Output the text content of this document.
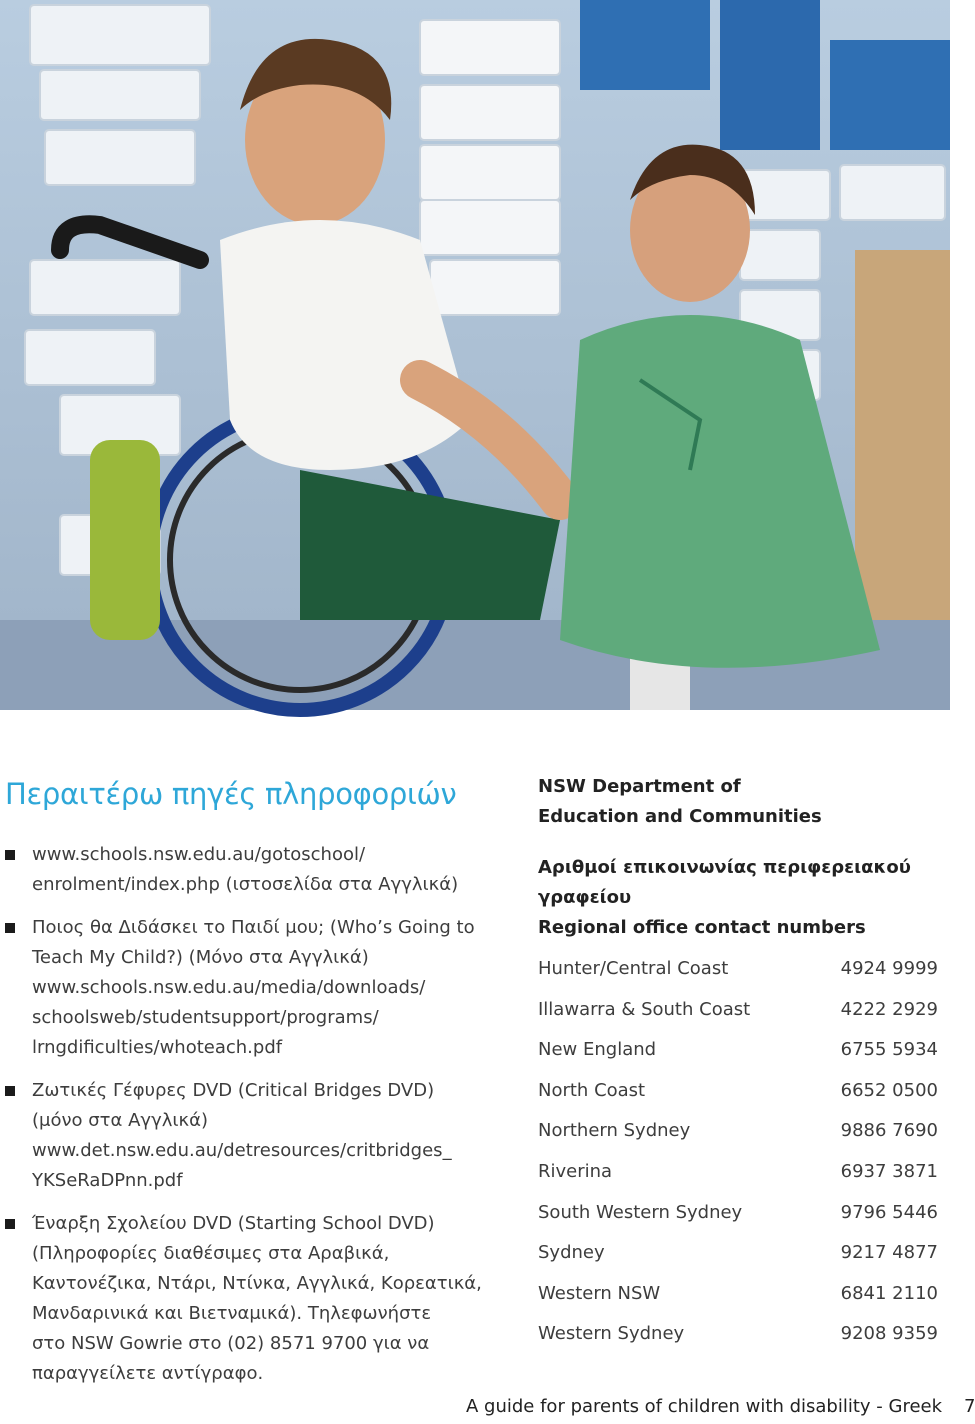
Περαιτέρω πηγές πληροφοριών
www.schools.nsw.edu.au/gotoschool/
enrolment/index.php (ιστοσελίδα στα Αγγλικά)
Ποιος θα Διδάσκει το Παιδί μου; (Who’s Going to
Teach My Child?) (Μόνο στα Αγγλικά)
www.schools.nsw.edu.au/media/downloads/
schoolsweb/studentsupport/programs/
lrngdificulties/whoteach.pdf
Ζωτικές Γέφυρες DVD (Critical Bridges DVD)
(μόνο στα Αγγλικά)
www.det.nsw.edu.au/detresources/critbridges_
YKSeRaDPnn.pdf
Έναρξη Σχολείου DVD (Starting School DVD)
(Πληροφορίες διαθέσιμες στα Αραβικά,
Καντονέζικα, Ντάρι, Ντίνκα, Αγγλικά, Κορεατικά,
Μανδαρινικά και Βιετναμικά). Τηλεφωνήστε
στο NSW Gowrie στο (02) 8571 9700 για να
παραγγείλετε αντίγραφο.
NSW Department of
Education and Communities
Αριθμοί επικοινωνίας περιφερειακού
γραφείου
Regional office contact numbers
Hunter/Central Coast	4924 9999
Illawarra & South Coast	4222 2929
New England	6755 5934
North Coast	6652 0500
Northern Sydney	9886 7690
Riverina	6937 3871
South Western Sydney	9796 5446
Sydney	9217 4877
Western NSW	6841 2110
Western Sydney	9208 9359
A guide for parents of children with disability - Greek 7
